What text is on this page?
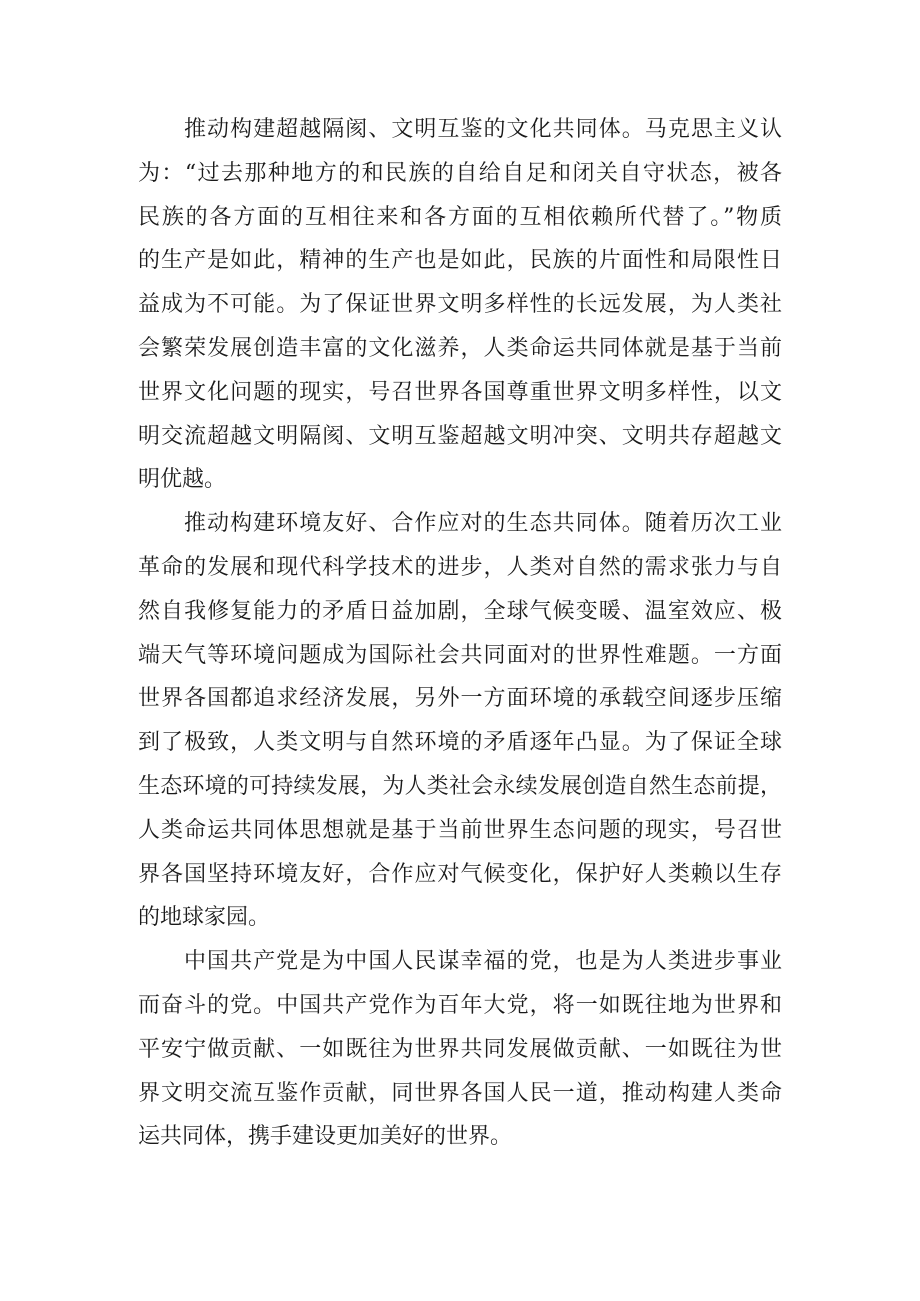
推动构建超越隔阂、文明互鉴的文化共同体。马克思主义认
为：“过去那种地方的和民族的自给自足和闭关自守状态，被各
民族的各方面的互相往来和各方面的互相依赖所代替了。”物质
的生产是如此，精神的生产也是如此，民族的片面性和局限性日
益成为不可能。为了保证世界文明多样性的长远发展，为人类社
会繁荣发展创造丰富的文化滋养，人类命运共同体就是基于当前
世界文化问题的现实，号召世界各国尊重世界文明多样性，以文
明交流超越文明隔阂、文明互鉴超越文明冲突、文明共存超越文
明优越。
推动构建环境友好、合作应对的生态共同体。随着历次工业
革命的发展和现代科学技术的进步，人类对自然的需求张力与自
然自我修复能力的矛盾日益加剧，全球气候变暖、温室效应、极
端天气等环境问题成为国际社会共同面对的世界性难题。一方面
世界各国都追求经济发展，另外一方面环境的承载空间逐步压缩
到了极致，人类文明与自然环境的矛盾逐年凸显。为了保证全球
生态环境的可持续发展，为人类社会永续发展创造自然生态前提，
人类命运共同体思想就是基于当前世界生态问题的现实，号召世
界各国坚持环境友好，合作应对气候变化，保护好人类赖以生存
的地球家园。
中国共产党是为中国人民谋幸福的党，也是为人类进步事业
而奋斗的党。中国共产党作为百年大党，将一如既往地为世界和
平安宁做贡献、一如既往为世界共同发展做贡献、一如既往为世
界文明交流互鉴作贡献，同世界各国人民一道，推动构建人类命
运共同体，携手建设更加美好的世界。
